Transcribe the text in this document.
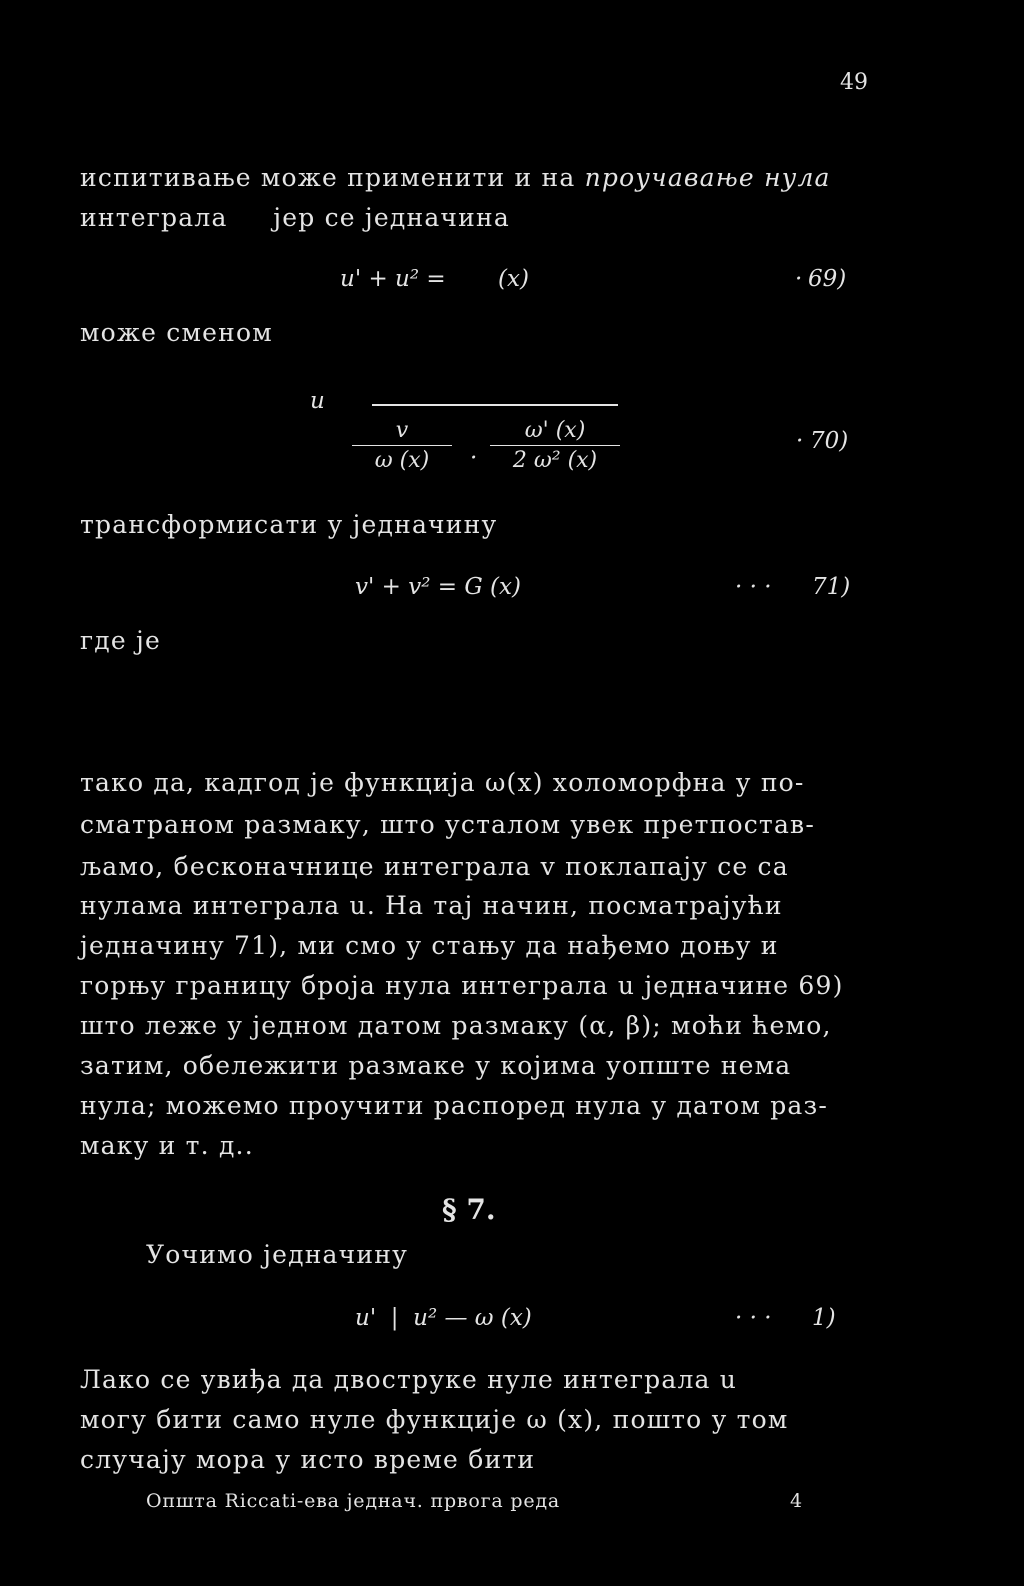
49
испитивање може применити и на проучавање нула
интеграла     јер се једначина
u' + u² = (x)	· 69)
може сменом
u
$\frac{v}{\omega (x)} \cdot \frac{\omega' (x)}{\text{2 ω² (x)}}$	· 70)
трансформисати у једначину
v' + v² = G (x)	· · · 71)
где је
тако да, кадгод је функција ω(x) холоморфна у по-
сматраном размаку, што усталом увек претпостав-
љамо, бесконачнице интеграла v поклапају се са
нулама интеграла u. На тај начин, посматрајући
једначину 71), ми смо у стању да нађемо доњу и
горњу границу броја нула интеграла u једначине 69)
што леже у једном датом размаку (α, β); моћи ћемо,
затим, обележити размаке у којима уопште нема
нула; можемо проучити распоред нула у датом раз-
маку и т. д..
§ 7.
Уочимо једначину
u'  |  u² — ω (x)	· · · 1)
Лако се увиђа да двоструке нуле интеграла u
могу бити само нуле функције ω (x), пошто у том
случају мора у исто време бити
Општа Riccati-ева једнач. првога реда	4
